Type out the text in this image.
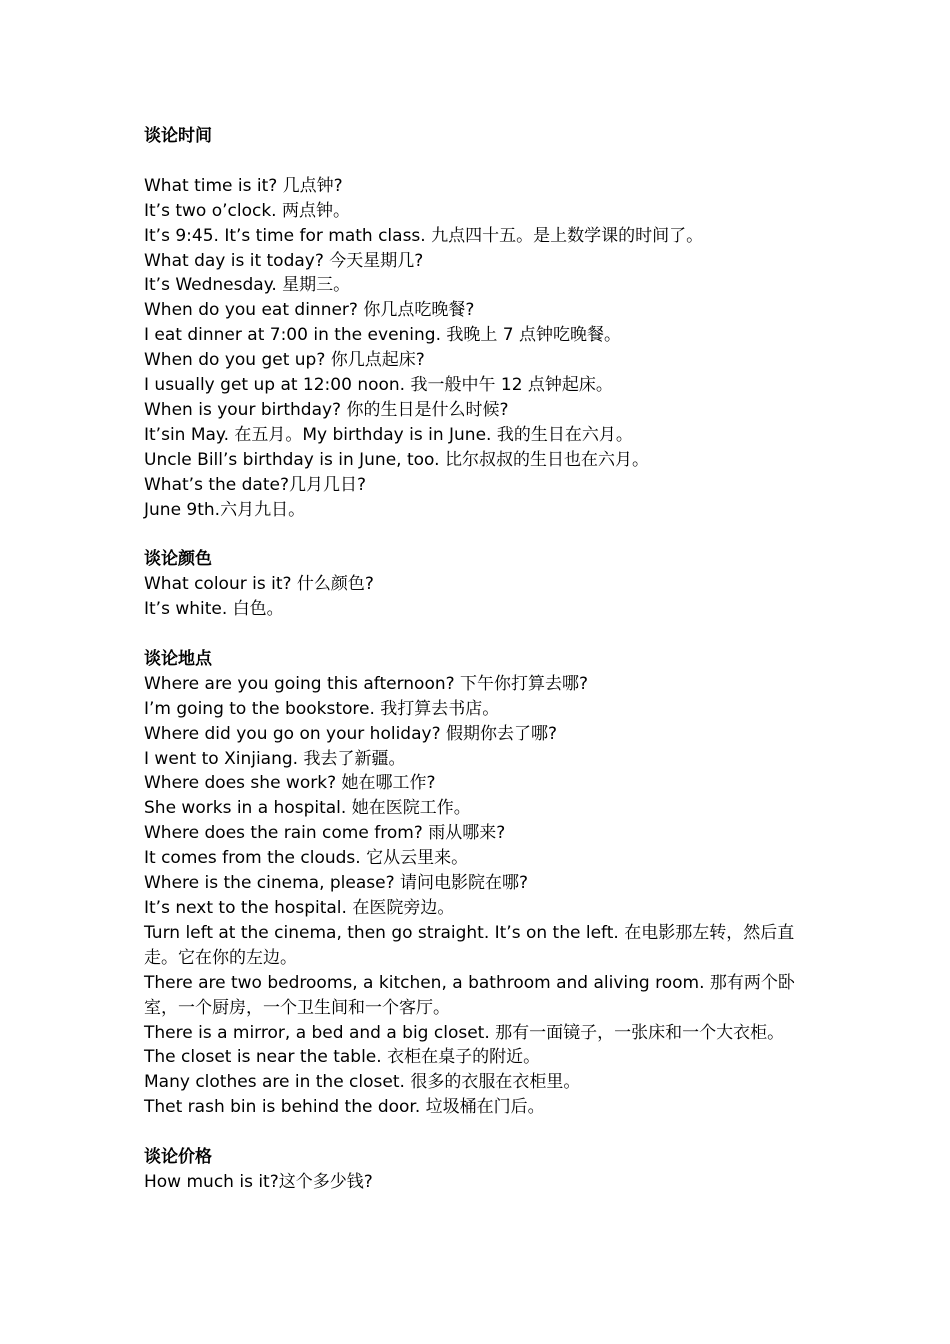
谈论时间
What time is it? 几点钟?
It’s two o’clock. 两点钟。
It’s 9:45. It’s time for math class. 九点四十五。是上数学课的时间了。
What day is it today? 今天星期几?
It’s Wednesday. 星期三。
When do you eat dinner? 你几点吃晚餐?
I eat dinner at 7:00 in the evening. 我晚上 7 点钟吃晚餐。
When do you get up? 你几点起床?
I usually get up at 12:00 noon. 我一般中午 12 点钟起床。
When is your birthday? 你的生日是什么时候?
It’sin May. 在五月。My birthday is in June. 我的生日在六月。
Uncle Bill’s birthday is in June, too. 比尔叔叔的生日也在六月。
What’s the date?几月几日?
June 9th.六月九日。
谈论颜色
What colour is it? 什么颜色?
It’s white. 白色。
谈论地点
Where are you going this afternoon? 下午你打算去哪?
I’m going to the bookstore. 我打算去书店。
Where did you go on your holiday? 假期你去了哪?
I went to Xinjiang. 我去了新疆。
Where does she work? 她在哪工作?
She works in a hospital. 她在医院工作。
Where does the rain come from? 雨从哪来?
It comes from the clouds. 它从云里来。
Where is the cinema, please? 请问电影院在哪?
It’s next to the hospital. 在医院旁边。
Turn left at the cinema, then go straight. It’s on the left. 在电影那左转，然后直走。它在你的左边。
There are two bedrooms, a kitchen, a bathroom and aliving room. 那有两个卧室，一个厨房，一个卫生间和一个客厅。
There is a mirror, a bed and a big closet. 那有一面镜子，一张床和一个大衣柜。
The closet is near the table. 衣柜在桌子的附近。
Many clothes are in the closet. 很多的衣服在衣柜里。
Thet rash bin is behind the door. 垃圾桶在门后。
谈论价格
How much is it?这个多少钱?
